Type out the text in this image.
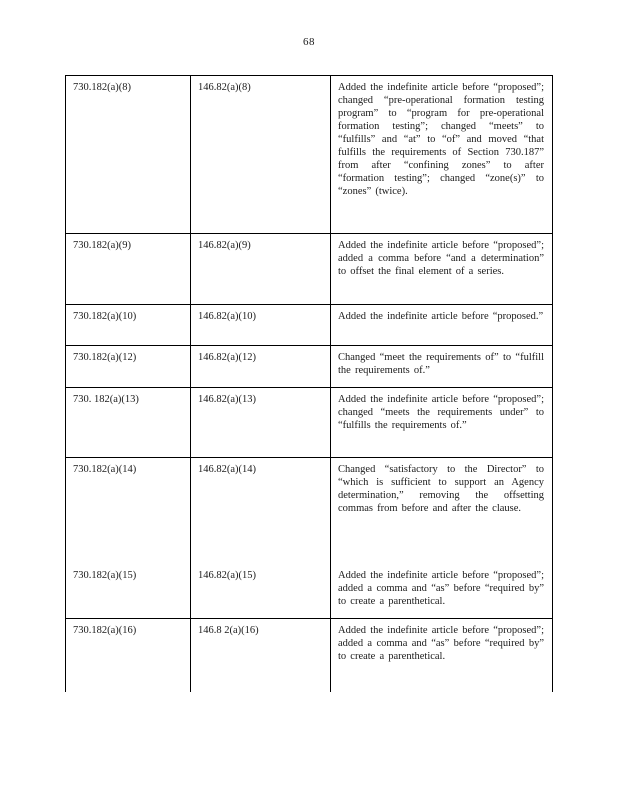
68
730.182(a)(8)	146.82(a)(8)	Added the indefinite article before “proposed”; changed “pre-operational formation testing program” to “program for pre-operational formation testing”; changed “meets” to “fulfills” and “at” to “of” and moved “that fulfills the requirements of Section 730.187” from after “confining zones” to after “formation testing”; changed “zone(s)” to “zones” (twice).
730.182(a)(9)	146.82(a)(9)	Added the indefinite article before “proposed”; added a comma before “and a determination” to offset the final element of a series.
730.182(a)(10)	146.82(a)(10)	Added the indefinite article before “proposed.”
730.182(a)(12)	146.82(a)(12)	Changed “meet the requirements of” to “fulfill the requirements of.”
730. 182(a)(13)	146.82(a)(13)	Added the indefinite article before “proposed”; changed “meets the requirements under” to “fulfills the requirements of.”
730.182(a)(14)	146.82(a)(14)	Changed “satisfactory to the Director” to “which is sufficient to support an Agency determination,” removing the offsetting commas from before and after the clause.
730.182(a)(15)	146.82(a)(15)	Added the indefinite article before “proposed”; added a comma and “as” before “required by” to create a parenthetical.
730.182(a)(16)	146.8 2(a)(16)	Added the indefinite article before “proposed”; added a comma and “as” before “required by” to create a parenthetical.
